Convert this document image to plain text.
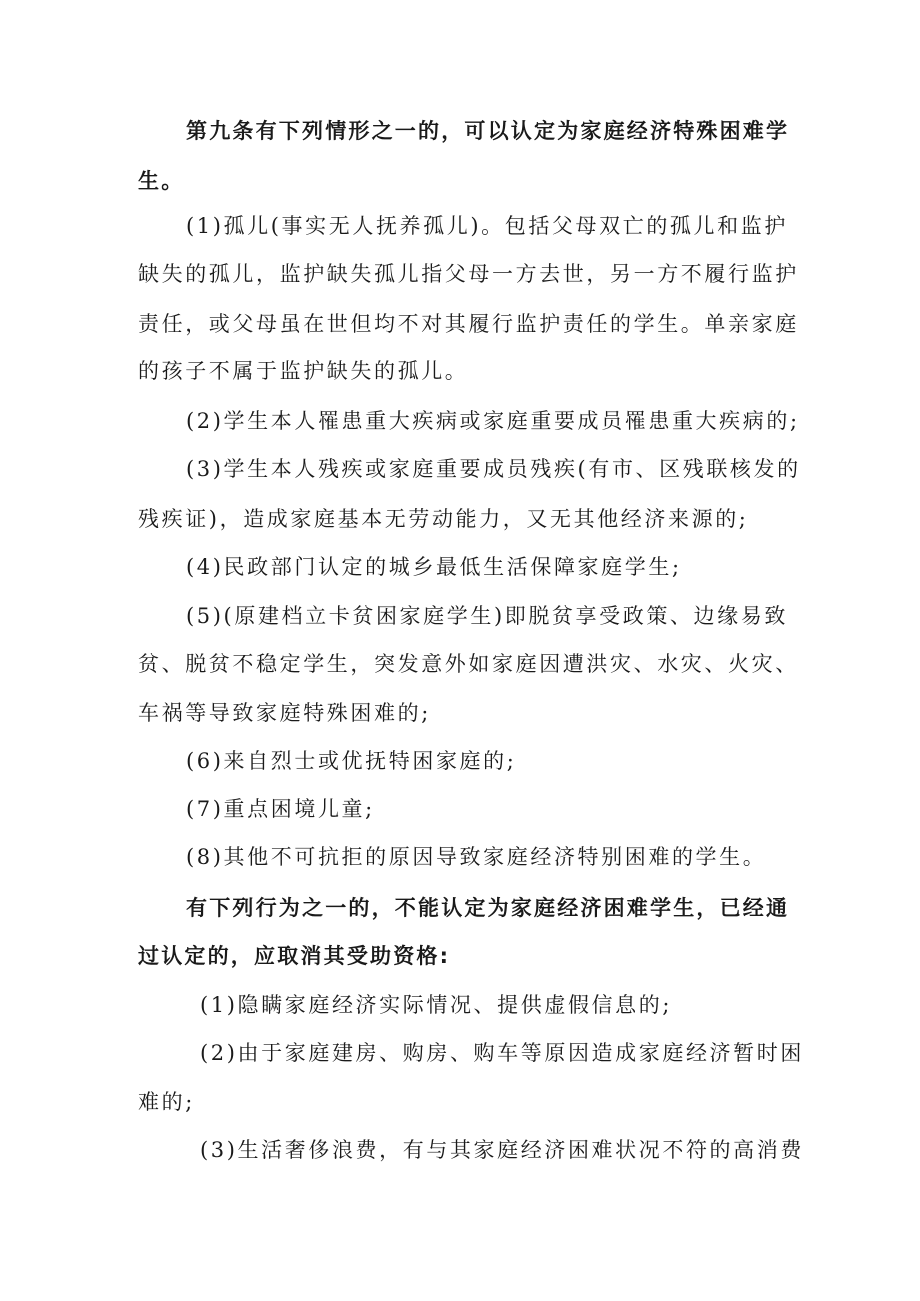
第九条有下列情形之一的，可以认定为家庭经济特殊困难学
生。
(1)孤儿(事实无人抚养孤儿)。包括父母双亡的孤儿和监护
缺失的孤儿，监护缺失孤儿指父母一方去世，另一方不履行监护
责任，或父母虽在世但均不对其履行监护责任的学生。单亲家庭
的孩子不属于监护缺失的孤儿。
(2)学生本人罹患重大疾病或家庭重要成员罹患重大疾病的;
(3)学生本人残疾或家庭重要成员残疾(有市、区残联核发的
残疾证)，造成家庭基本无劳动能力，又无其他经济来源的;
(4)民政部门认定的城乡最低生活保障家庭学生;
(5)(原建档立卡贫困家庭学生)即脱贫享受政策、边缘易致
贫、脱贫不稳定学生，突发意外如家庭因遭洪灾、水灾、火灾、
车祸等导致家庭特殊困难的;
(6)来自烈士或优抚特困家庭的;
(7)重点困境儿童;
(8)其他不可抗拒的原因导致家庭经济特别困难的学生。
有下列行为之一的，不能认定为家庭经济困难学生，已经通
过认定的，应取消其受助资格:
(1)隐瞒家庭经济实际情况、提供虚假信息的;
(2)由于家庭建房、购房、购车等原因造成家庭经济暂时困
难的;
(3)生活奢侈浪费，有与其家庭经济困难状况不符的高消费
